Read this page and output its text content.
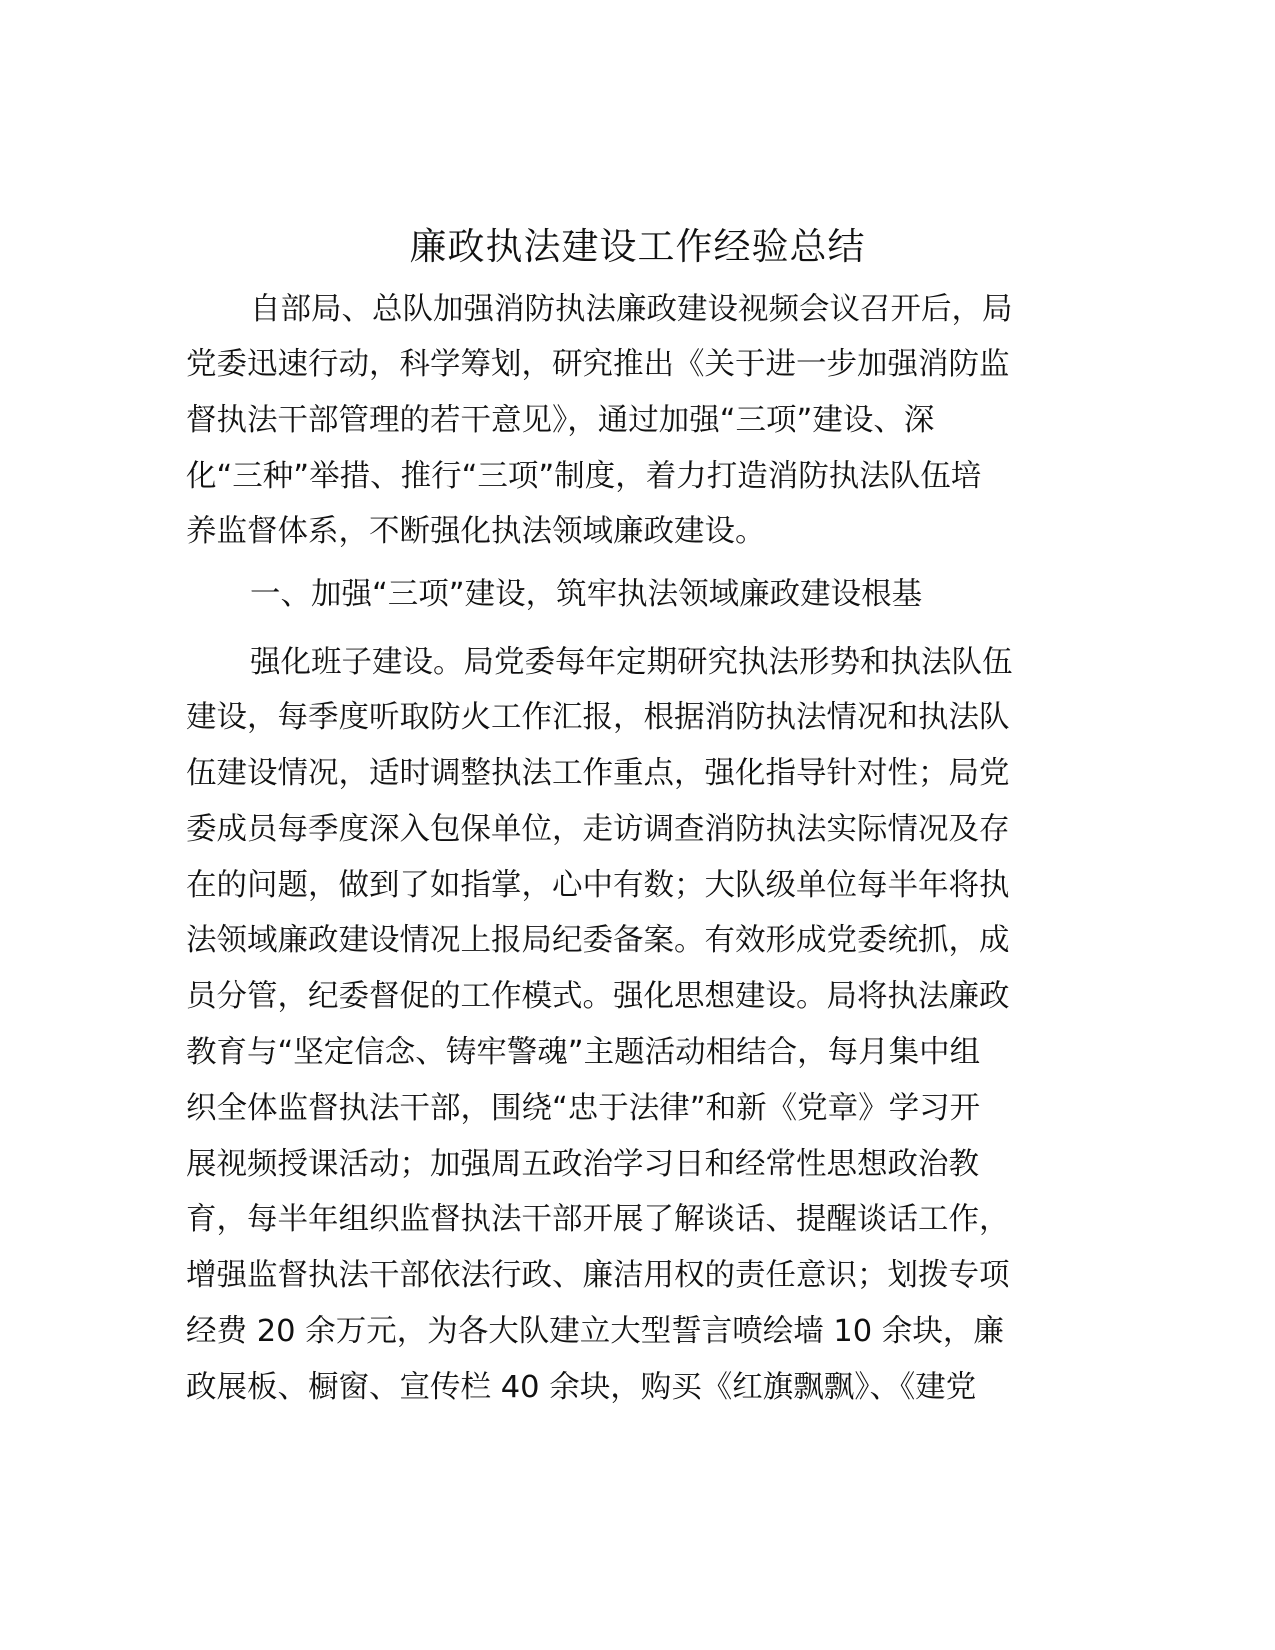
廉政执法建设工作经验总结
自部局、总队加强消防执法廉政建设视频会议召开后，局
党委迅速行动，科学筹划，研究推出《关于进一步加强消防监
督执法干部管理的若干意见》，通过加强“三项”建设、深
化“三种”举措、推行“三项”制度，着力打造消防执法队伍培
养监督体系，不断强化执法领域廉政建设。
一、加强“三项”建设，筑牢执法领域廉政建设根基
强化班子建设。局党委每年定期研究执法形势和执法队伍
建设，每季度听取防火工作汇报，根据消防执法情况和执法队
伍建设情况，适时调整执法工作重点，强化指导针对性；局党
委成员每季度深入包保单位，走访调查消防执法实际情况及存
在的问题，做到了如指掌，心中有数；大队级单位每半年将执
法领域廉政建设情况上报局纪委备案。有效形成党委统抓，成
员分管，纪委督促的工作模式。强化思想建设。局将执法廉政
教育与“坚定信念、铸牢警魂”主题活动相结合，每月集中组
织全体监督执法干部，围绕“忠于法律”和新《党章》学习开
展视频授课活动；加强周五政治学习日和经常性思想政治教
育，每半年组织监督执法干部开展了解谈话、提醒谈话工作，
增强监督执法干部依法行政、廉洁用权的责任意识；划拨专项
经费 20 余万元，为各大队建立大型誓言喷绘墙 10 余块，廉
政展板、橱窗、宣传栏 40 余块，购买《红旗飘飘》、《建党
